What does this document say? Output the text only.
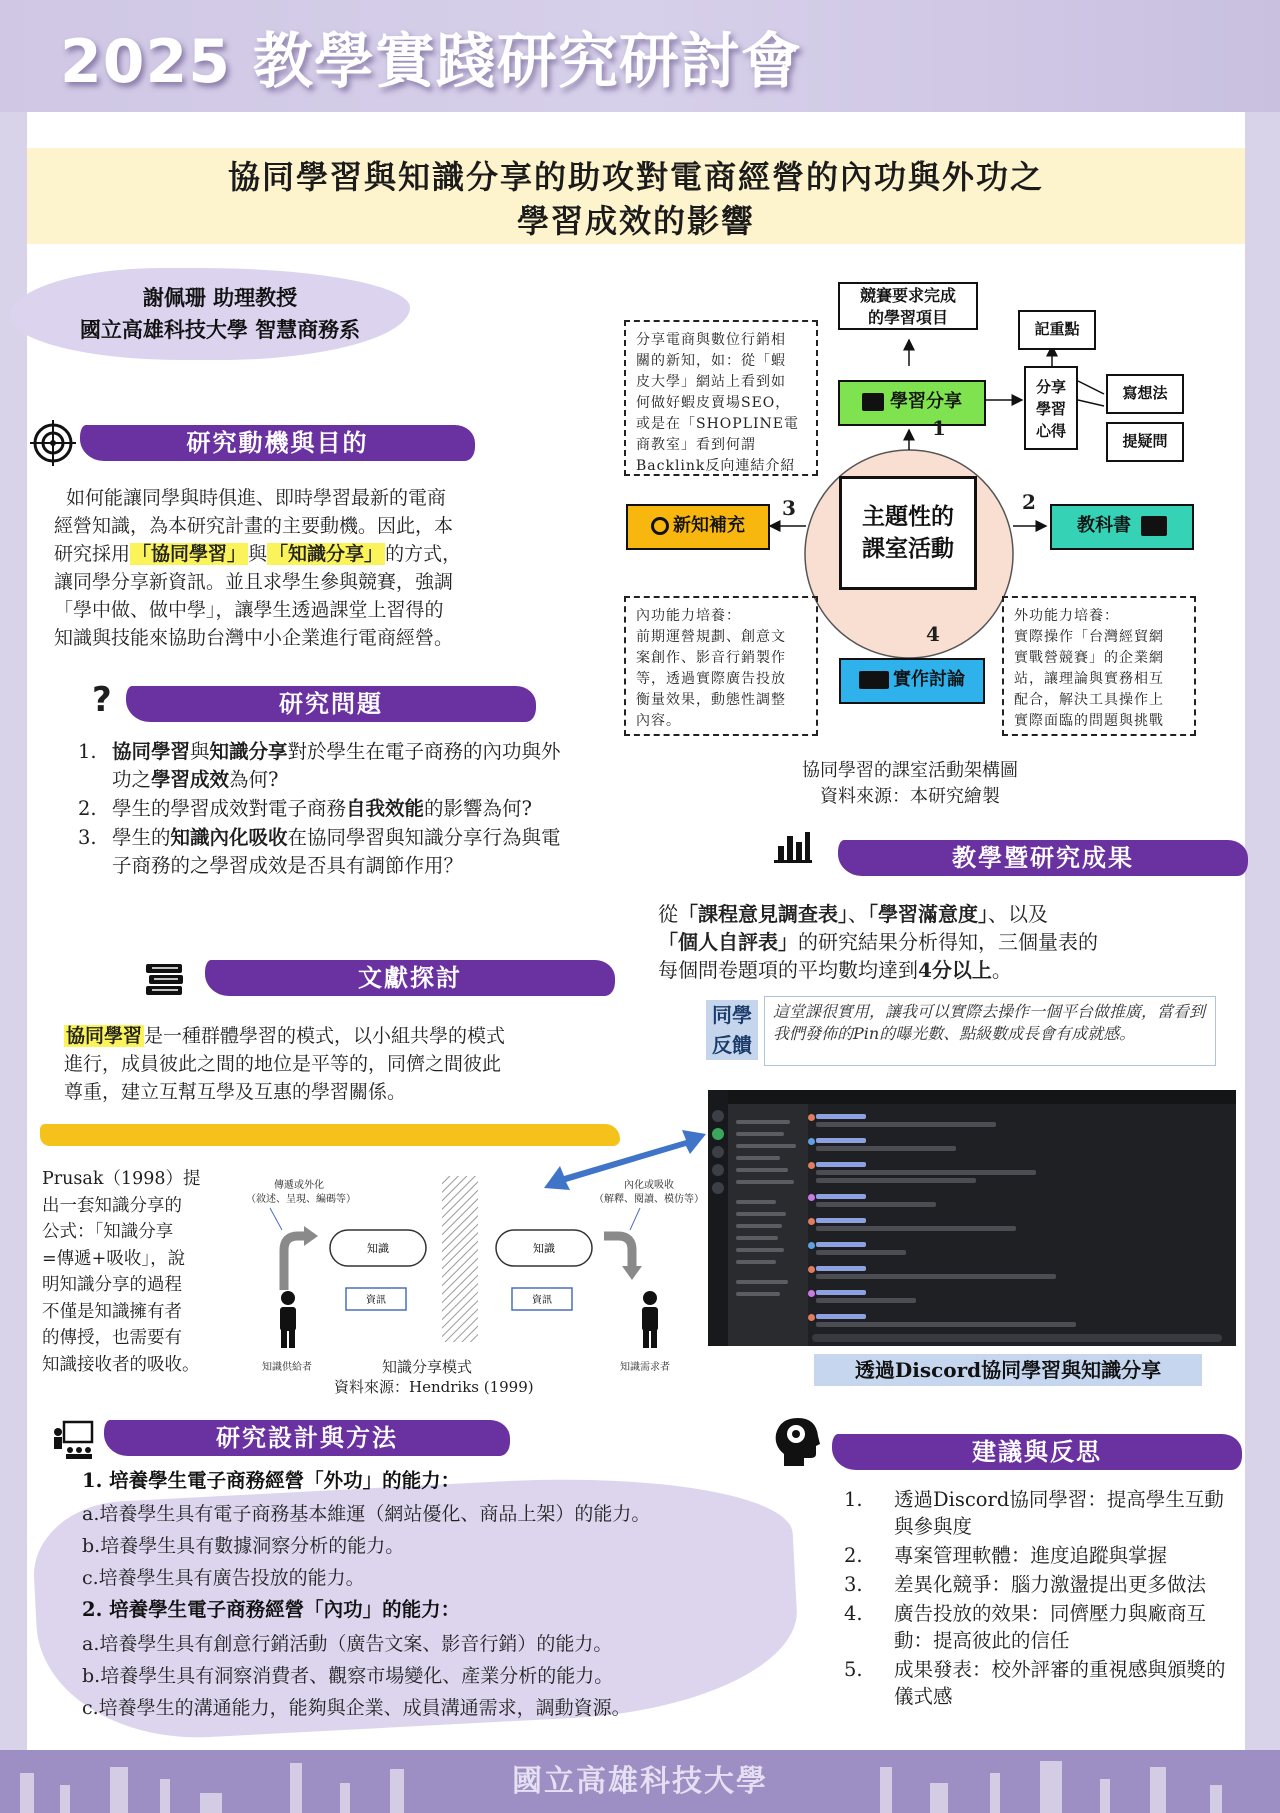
2025 教學實踐研究研討會
協同學習與知識分享的助攻對電商經營的內功與外功之
學習成效的影響
謝佩珊 助理教授
國立高雄科技大學 智慧商務系
研究動機與目的
如何能讓同學與時俱進、即時學習最新的電商
經營知識，為本研究計畫的主要動機。因此，本
研究採用 「協同學習」 與 「知識分享」 的方式，
讓同學分享新資訊。並且求學生參與競賽，強調
「學中做、做中學」，讓學生透過課堂上習得的
知識與技能來協助台灣中小企業進行電商經營。
?	研究問題
1. 協同學習與知識分享對於學生在電子商務的內功與外功之學習成效為何?
2. 學生的學習成效對電子商務自我效能的影響為何?
3. 學生的知識內化吸收在協同學習與知識分享行為與電子商務的之學習成效是否具有調節作用？
文獻探討
協同學習 是一種群體學習的模式，以小組共學的模式
進行，成員彼此之間的地位是平等的，同儕之間彼此
尊重，建立互幫互學及互惠的學習關係。
Prusak（1998）提
出一套知識分享的
公式：「知識分享
=傳遞+吸收」，說
明知識分享的過程
不僅是知識擁有者
的傳授，也需要有
知識接收者的吸收。
傳遞或外化
（敘述、呈現、編碼等）
內化或吸收
（解釋、閱讀、模仿等）
知識	知識
資訊	資訊
知識供給者	知識分享模式	知識需求者
資料來源：Hendriks (1999)
競賽要求完成
的學習項目
分享電商與數位行銷相
關的新知，如：從「蝦
皮大學」網站上看到如
何做好蝦皮賣場SEO，
或是在「SHOPLINE電
商教室」看到何謂
Backlink反向連結介紹
學習分享
記重點
分享
學習
心得
寫想法
提疑問
1
2
3
4
新知補充	主題性的
課室活動
教科書
內功能力培養：
前期運營規劃、創意文
案創作、影音行銷製作
等，透過實際廣告投放
衡量效果，動態性調整
內容。
外功能力培養：
實際操作「台灣經貿網
實戰營競賽」的企業網
站，讓理論與實務相互
配合，解決工具操作上
實際面臨的問題與挑戰
實作討論
協同學習的課室活動架構圖
資料來源：本研究繪製
教學暨研究成果
從「課程意見調查表」、「學習滿意度」、以及
「個人自評表」的研究結果分析得知，三個量表的
每個問卷題項的平均數均達到4分以上。
同學
反饋
這堂課很實用，讓我可以實際去操作一個平台做推廣，當看到我們發佈的Pin的曝光數、點級數成長會有成就感。
透過Discord協同學習與知識分享
研究設計與方法
1. 培養學生電子商務經營「外功」的能力：
a.培養學生具有電子商務基本維運（網站優化、商品上架）的能力。
b.培養學生具有數據洞察分析的能力。
c.培養學生具有廣告投放的能力。
2. 培養學生電子商務經營「內功」的能力：
a.培養學生具有創意行銷活動（廣告文案、影音行銷）的能力。
b.培養學生具有洞察消費者、觀察市場變化、產業分析的能力。
c.培養學生的溝通能力，能夠與企業、成員溝通需求，調動資源。
建議與反思
1. 透過Discord協同學習：提高學生互動與參與度
2. 專案管理軟體：進度追蹤與掌握
3. 差異化競爭：腦力激盪提出更多做法
4. 廣告投放的效果：同儕壓力與廠商互動：提高彼此的信任
5. 成果發表：校外評審的重視感與頒獎的儀式感
國立高雄科技大學
